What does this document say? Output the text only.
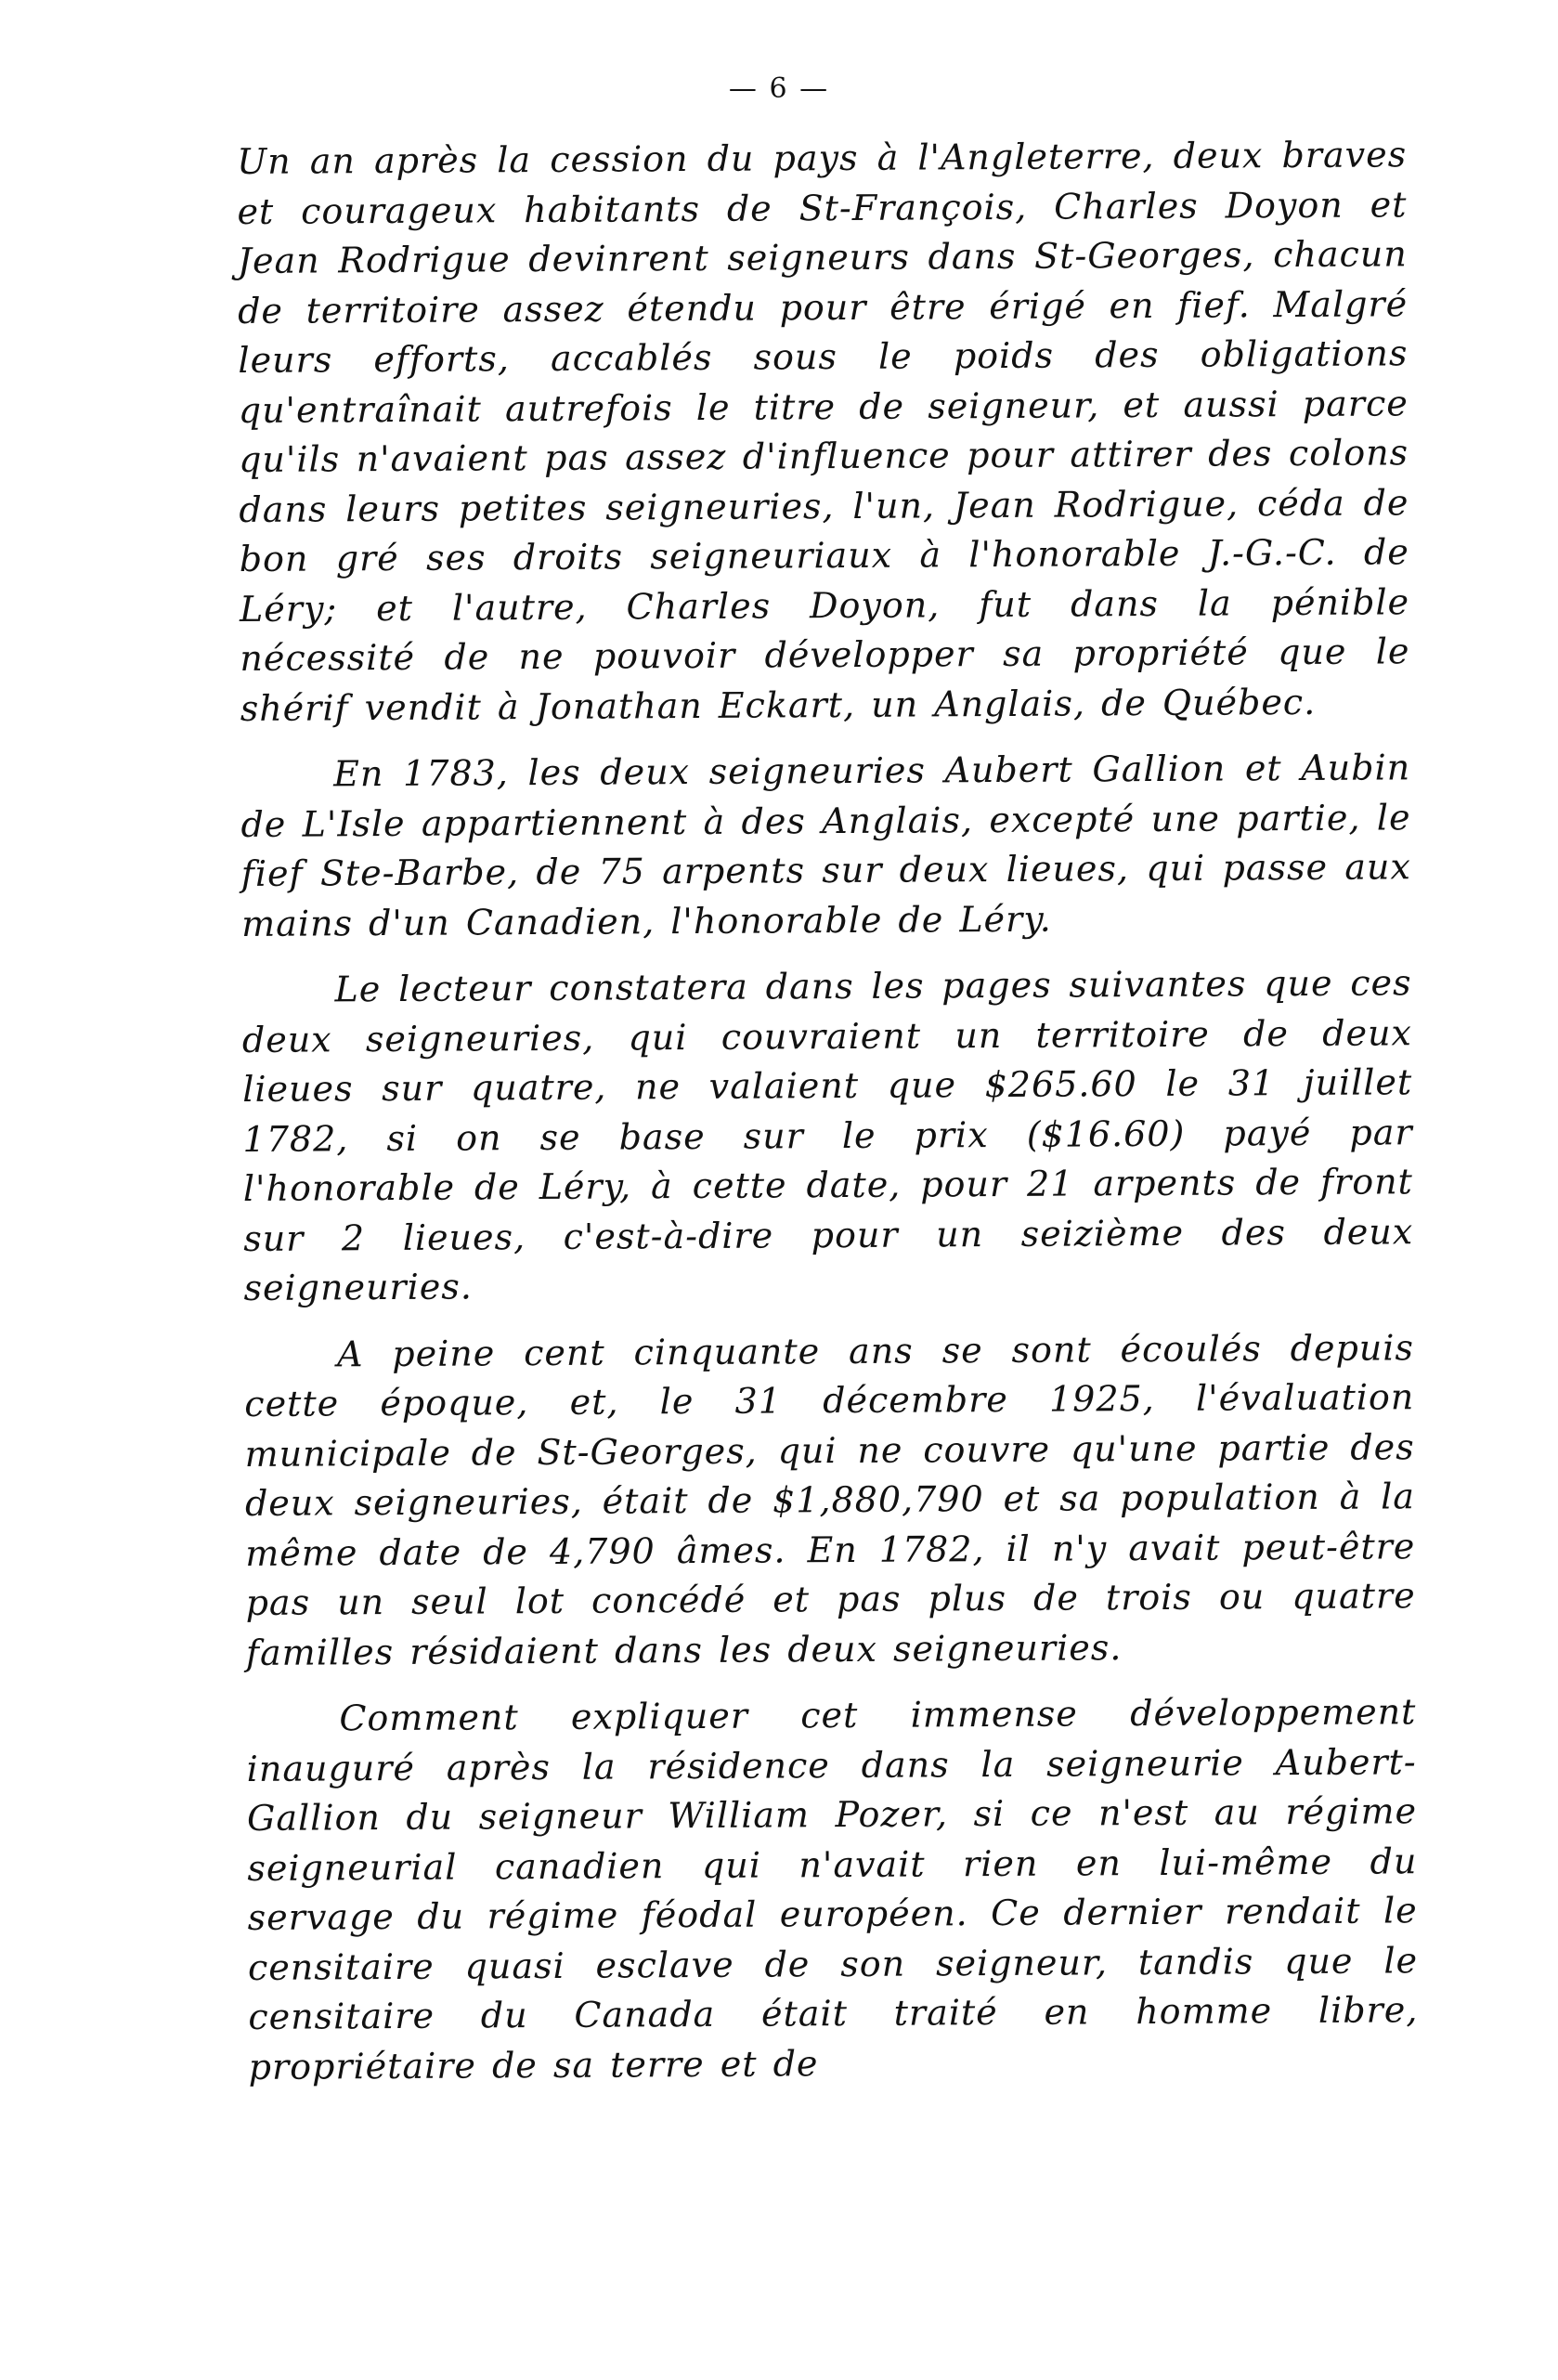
— 6 —

Un an après la cession du pays à l'Angleterre, deux braves et courageux habitants de St-François, Charles Doyon et Jean Rodrigue devinrent seigneurs dans St-Georges, chacun de territoire assez étendu pour être érigé en fief. Malgré leurs efforts, accablés sous le poids des obligations qu'entraînait autrefois le titre de seigneur, et aussi parce qu'ils n'avaient pas assez d'influence pour attirer des colons dans leurs petites seigneuries, l'un, Jean Rodrigue, céda de bon gré ses droits seigneuriaux à l'honorable J.-G.-C. de Léry; et l'autre, Charles Doyon, fut dans la pénible nécessité de ne pouvoir développer sa propriété que le shérif vendit à Jonathan Eckart, un Anglais, de Québec.

En 1783, les deux seigneuries Aubert Gallion et Aubin de L'Isle appartiennent à des Anglais, excepté une partie, le fief Ste-Barbe, de 75 arpents sur deux lieues, qui passe aux mains d'un Canadien, l'honorable de Léry.

Le lecteur constatera dans les pages suivantes que ces deux seigneuries, qui couvraient un territoire de deux lieues sur quatre, ne valaient que $265.60 le 31 juillet 1782, si on se base sur le prix ($16.60) payé par l'honorable de Léry, à cette date, pour 21 arpents de front sur 2 lieues, c'est-à-dire pour un seizième des deux seigneuries.

A peine cent cinquante ans se sont écoulés depuis cette époque, et, le 31 décembre 1925, l'évaluation municipale de St-Georges, qui ne couvre qu'une partie des deux seigneuries, était de $1,880,790 et sa population à la même date de 4,790 âmes. En 1782, il n'y avait peut-être pas un seul lot concédé et pas plus de trois ou quatre familles résidaient dans les deux seigneuries.

Comment expliquer cet immense développement inauguré après la résidence dans la seigneurie Aubert-Gallion du seigneur William Pozer, si ce n'est au régime seigneurial canadien qui n'avait rien en lui-même du servage du régime féodal européen. Ce dernier rendait le censitaire quasi esclave de son seigneur, tandis que le censitaire du Canada était traité en homme libre, propriétaire de sa terre et de
